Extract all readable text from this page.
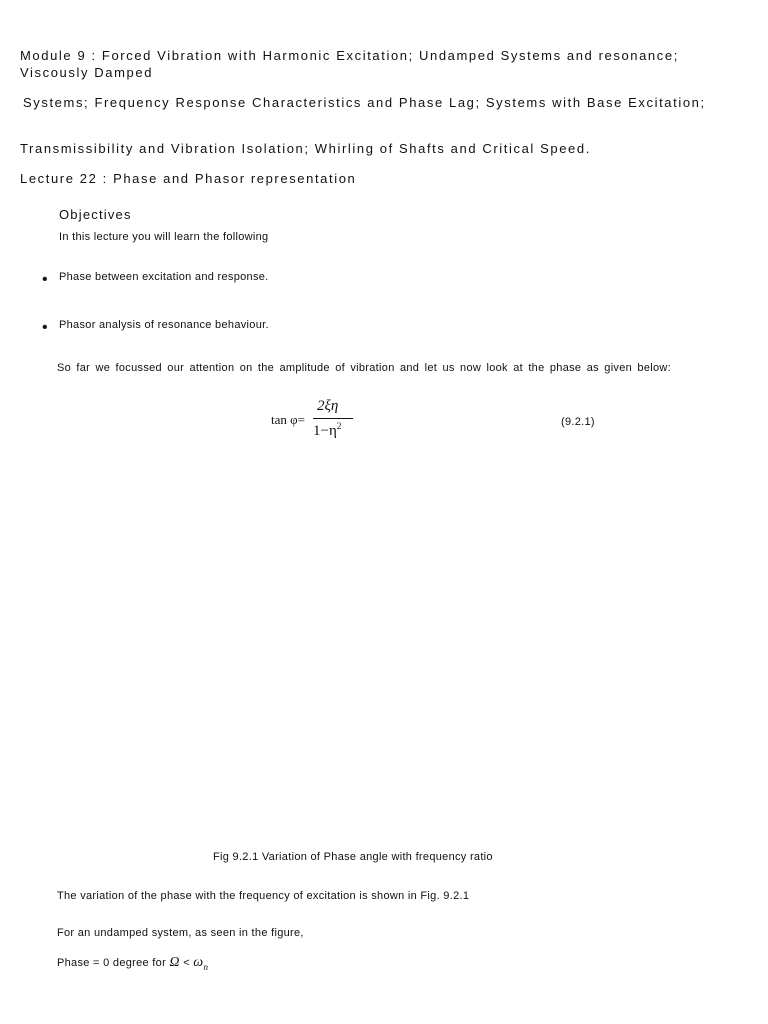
Module 9 : Forced Vibration with Harmonic Excitation; Undamped Systems and resonance; Viscously Damped
Systems; Frequency Response Characteristics and Phase Lag; Systems with Base Excitation;
Transmissibility and Vibration Isolation; Whirling of Shafts and Critical Speed.
Lecture 22 : Phase and Phasor representation
Objectives
In this lecture you will learn the following
• Phase between excitation and response.
• Phasor analysis of resonance behaviour.
So far we focussed our attention on the amplitude of vibration and let us now look at the phase as given below:
tan φ=
2ξη
$1-\eta^2$	(9.2.1)
Fig 9.2.1 Variation of Phase angle with frequency ratio
The variation of the phase with the frequency of excitation is shown in Fig. 9.2.1
For an undamped system, as seen in the figure,
Phase = 0 degree for $\Omega < \omega_n$
